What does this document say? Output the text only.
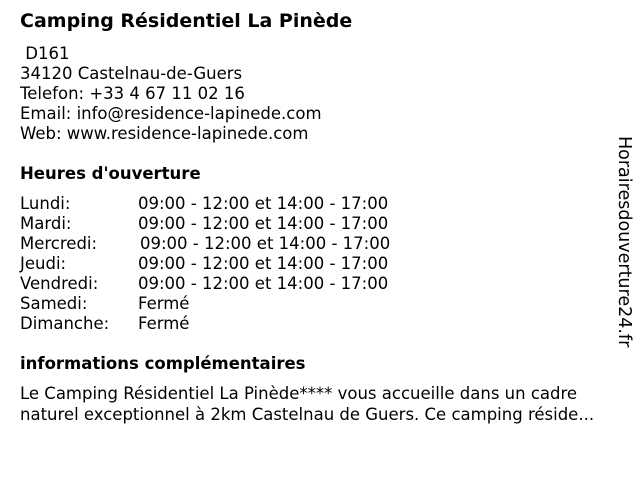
Camping Résidentiel La Pinède
D161
34120 Castelnau-de-Guers
Telefon: +33 4 67 11 02 16
Email: info@residence-lapinede.com
Web: www.residence-lapinede.com
Heures d'ouverture
Lundi:	09:00 - 12:00 et 14:00 - 17:00
Mardi:	09:00 - 12:00 et 14:00 - 17:00
Mercredi:	09:00 - 12:00 et 14:00 - 17:00
Jeudi:	09:00 - 12:00 et 14:00 - 17:00
Vendredi: 09:00 - 12:00 et 14:00 - 17:00
Samedi:	Fermé
Dimanche: Fermé
informations complémentaires
Le Camping Résidentiel La Pinède**** vous accueille dans un cadre
naturel exceptionnel à 2km Castelnau de Guers. Ce camping réside...
Horairesdouverture24.fr
